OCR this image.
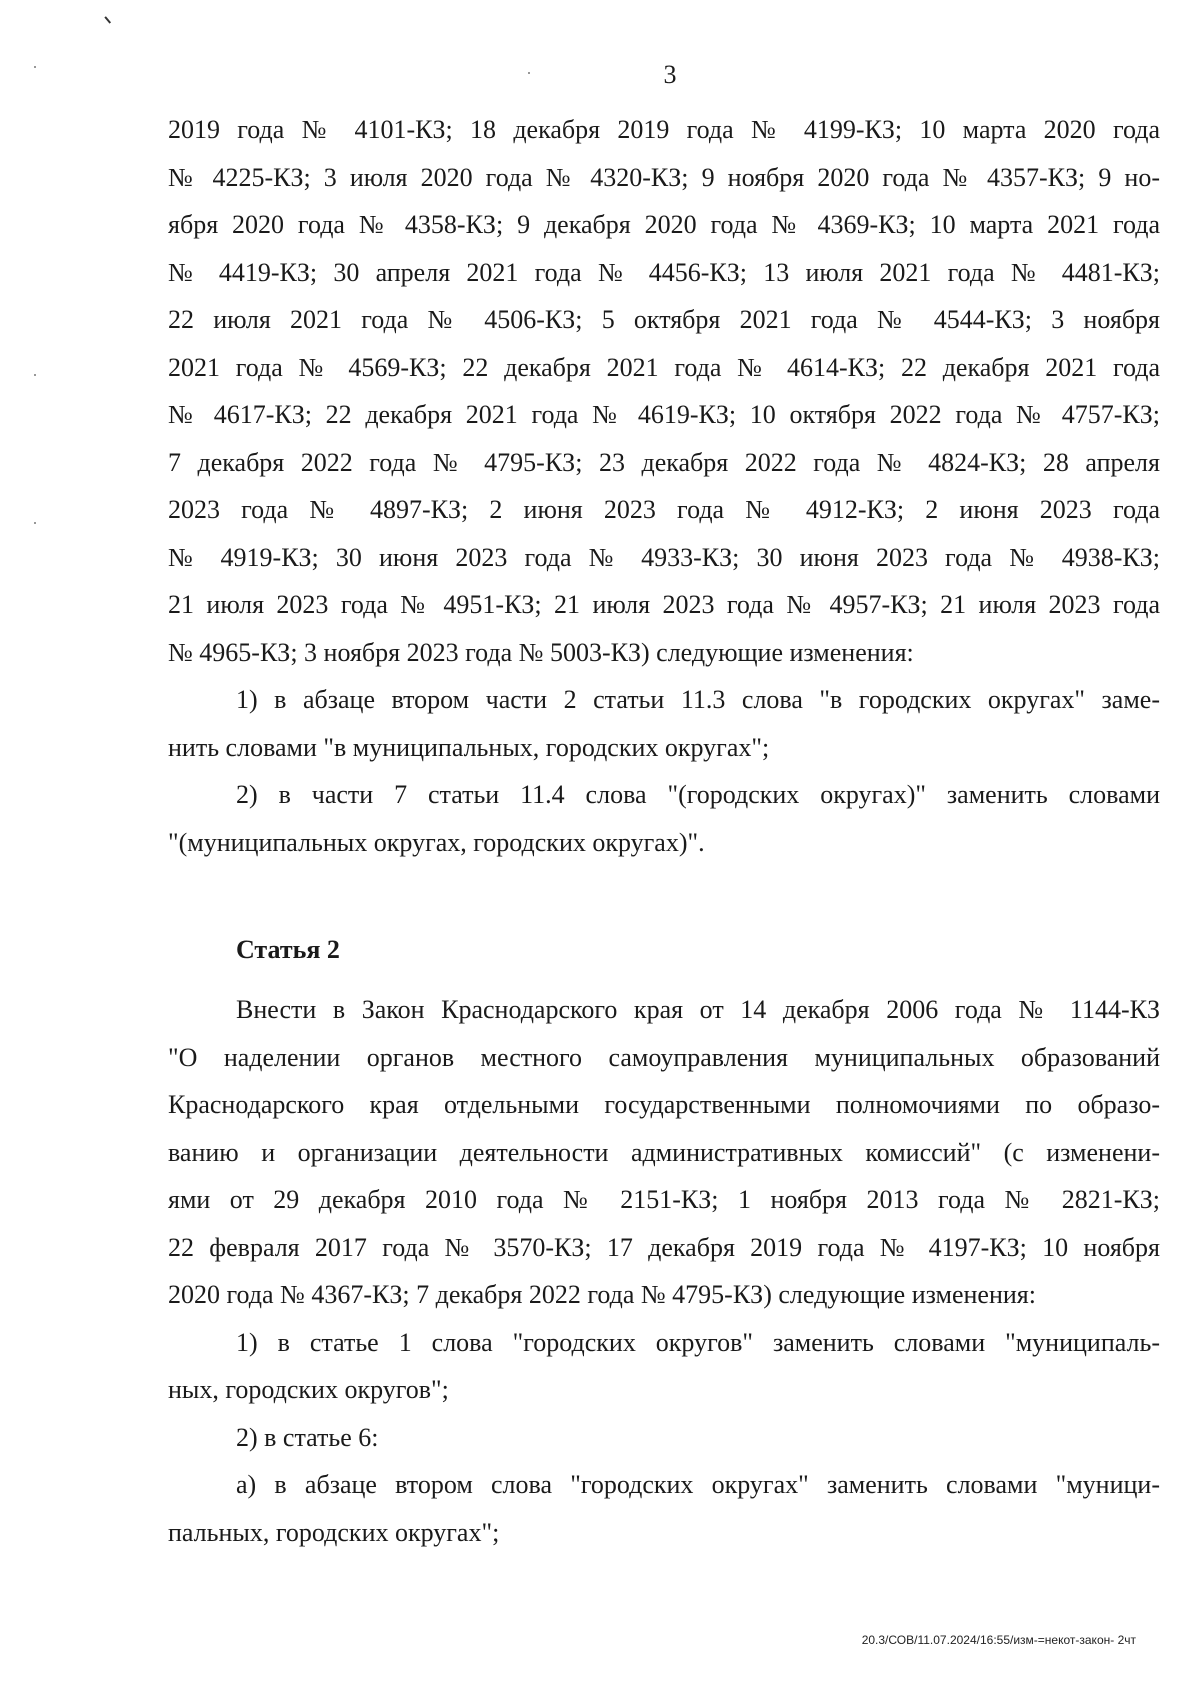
3
2019 года № 4101-КЗ; 18 декабря 2019 года № 4199-КЗ; 10 марта 2020 года
№ 4225-КЗ; 3 июля 2020 года № 4320-КЗ; 9 ноября 2020 года № 4357-КЗ; 9 но-
ября 2020 года № 4358-КЗ; 9 декабря 2020 года № 4369-КЗ; 10 марта 2021 года
№ 4419-КЗ; 30 апреля 2021 года № 4456-КЗ; 13 июля 2021 года № 4481-КЗ;
22 июля 2021 года № 4506-КЗ; 5 октября 2021 года № 4544-КЗ; 3 ноября
2021 года № 4569-КЗ; 22 декабря 2021 года № 4614-КЗ; 22 декабря 2021 года
№ 4617-КЗ; 22 декабря 2021 года № 4619-КЗ; 10 октября 2022 года № 4757-КЗ;
7 декабря 2022 года № 4795-КЗ; 23 декабря 2022 года № 4824-КЗ; 28 апреля
2023 года № 4897-КЗ; 2 июня 2023 года № 4912-КЗ; 2 июня 2023 года
№ 4919-КЗ; 30 июня 2023 года № 4933-КЗ; 30 июня 2023 года № 4938-КЗ;
21 июля 2023 года № 4951-КЗ; 21 июля 2023 года № 4957-КЗ; 21 июля 2023 года
№ 4965-КЗ; 3 ноября 2023 года № 5003-КЗ) следующие изменения:
1) в абзаце втором части 2 статьи 11.3 слова "в городских округах" заме-
нить словами "в муниципальных, городских округах";
2) в части 7 статьи 11.4 слова "(городских округах)" заменить словами
"(муниципальных округах, городских округах)".
Статья 2
Внести в Закон Краснодарского края от 14 декабря 2006 года № 1144-КЗ
"О наделении органов местного самоуправления муниципальных образований
Краснодарского края отдельными государственными полномочиями по образо-
ванию и организации деятельности административных комиссий" (с изменени-
ями от 29 декабря 2010 года № 2151-КЗ; 1 ноября 2013 года № 2821-КЗ;
22 февраля 2017 года № 3570-КЗ; 17 декабря 2019 года № 4197-КЗ; 10 ноября
2020 года № 4367-КЗ; 7 декабря 2022 года № 4795-КЗ) следующие изменения:
1) в статье 1 слова "городских округов" заменить словами "муниципаль-
ных, городских округов";
2) в статье 6:
а) в абзаце втором слова "городских округах" заменить словами "муници-
пальных, городских округах";
20.3/СОВ/11.07.2024/16:55/изм-=некот-закон- 2чт
